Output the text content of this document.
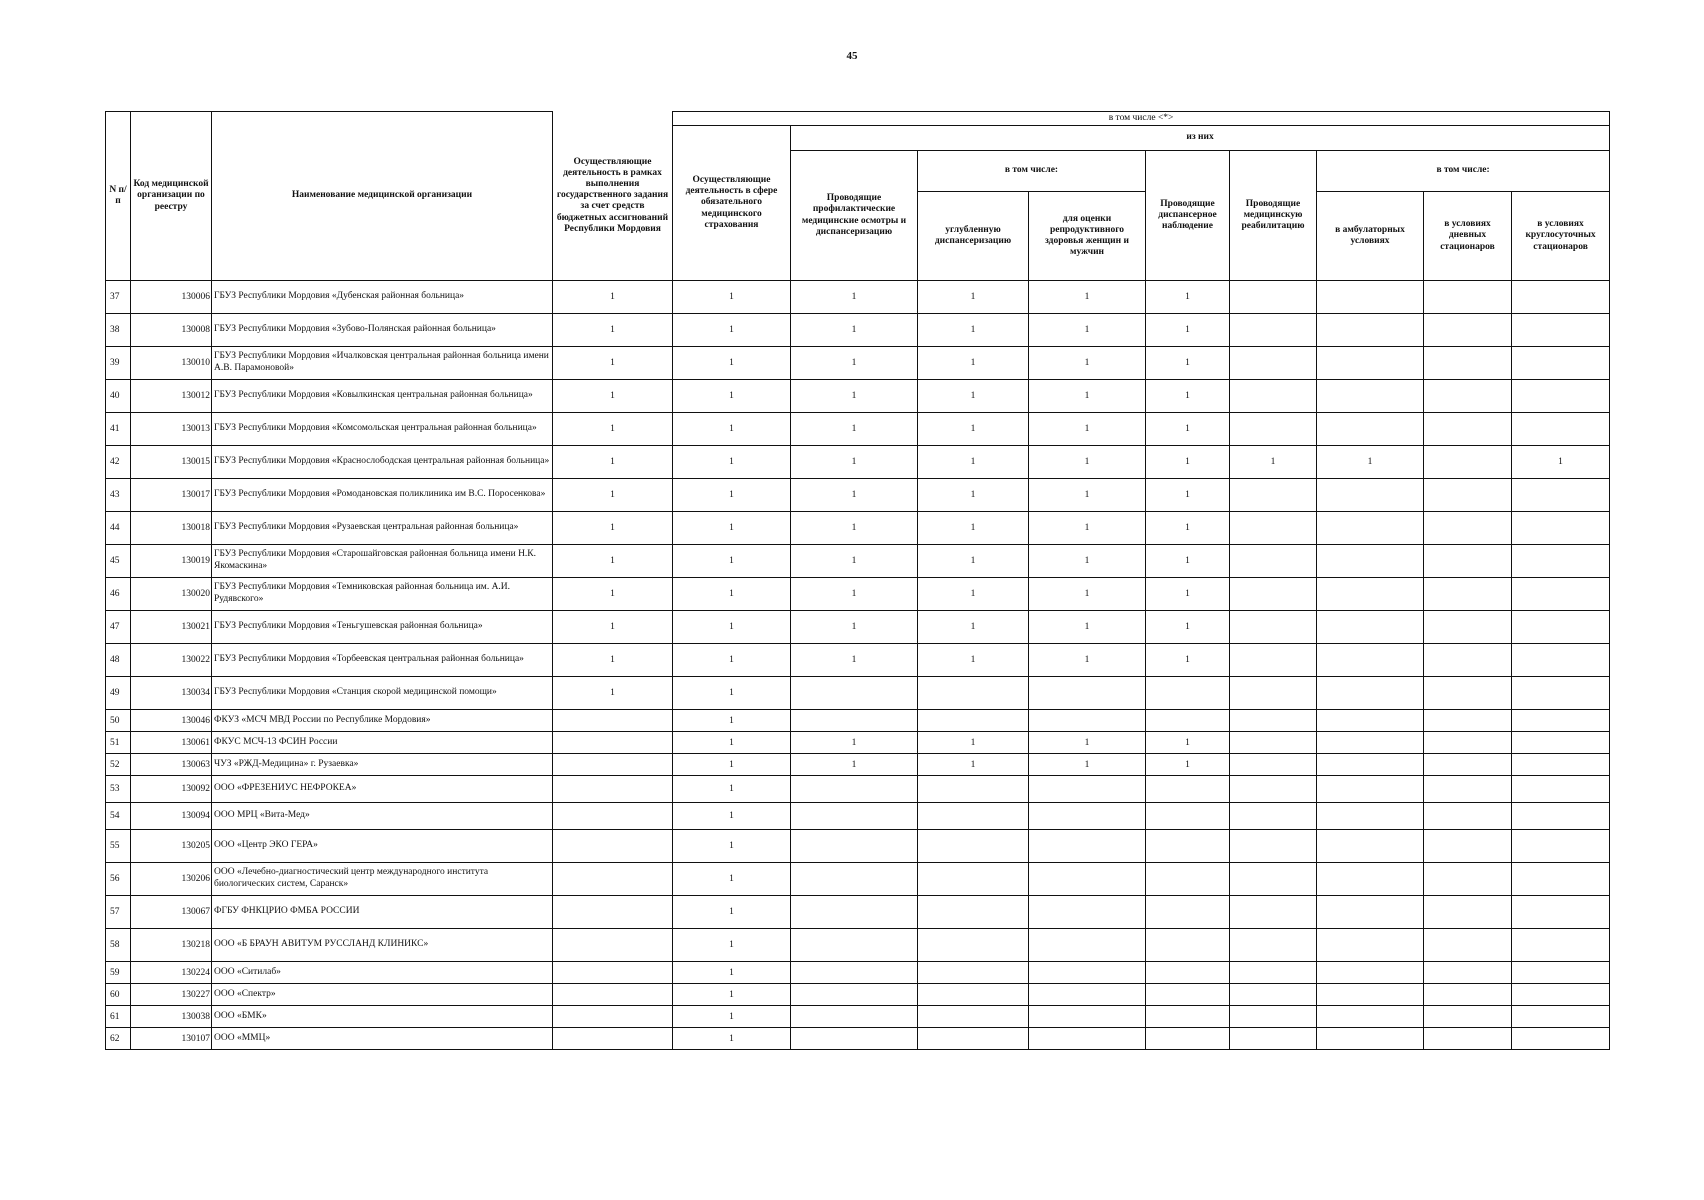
45
N п/п	Код медицинской организации по реестру	Наименование медицинской организации	Осуществляющие деятельность в рамках выполнения государственного задания за счет средств бюджетных ассигнований Республики Мордовия	в том числе <*>								
				Осуществляющие деятельность в сфере обязательного медицинского страхования	из них							
					Проводящие профилактические медицинские осмотры и диспансеризацию	в том числе:		Проводящие диспансерное наблюдение	Проводящие медицинскую реабилитацию	в том числе:		
						углубленную диспансеризацию	для оценки репродуктивного здоровья женщин и мужчин			в амбулаторных условиях	в условиях дневных стационаров	в условиях круглосуточных стационаров
37	130006	ГБУЗ Республики Мордовия «Дубенская районная больница»	1	1	1	1	1	1				
38	130008	ГБУЗ Республики Мордовия «Зубово-Полянская районная больница»	1	1	1	1	1	1				
39	130010	ГБУЗ Республики Мордовия «Ичалковская центральная районная больница имени А.В. Парамоновой»	1	1	1	1	1	1				
40	130012	ГБУЗ Республики Мордовия «Ковылкинская центральная районная больница»	1	1	1	1	1	1				
41	130013	ГБУЗ Республики Мордовия «Комсомольская центральная районная больница»	1	1	1	1	1	1				
42	130015	ГБУЗ Республики Мордовия «Краснослободская центральная районная больница»	1	1	1	1	1	1	1	1		1
43	130017	ГБУЗ Республики Мордовия «Ромодановская поликлиника им В.С. Поросенкова»	1	1	1	1	1	1				
44	130018	ГБУЗ Республики Мордовия «Рузаевская центральная районная больница»	1	1	1	1	1	1				
45	130019	ГБУЗ Республики Мордовия «Старошайговская районная больница имени Н.К. Якомаскина»	1	1	1	1	1	1				
46	130020	ГБУЗ Республики Мордовия «Темниковская районная больница им. А.И. Рудявского»	1	1	1	1	1	1				
47	130021	ГБУЗ Республики Мордовия «Теньгушевская районная больница»	1	1	1	1	1	1				
48	130022	ГБУЗ Республики Мордовия «Торбеевская центральная районная больница»	1	1	1	1	1	1				
49	130034	ГБУЗ Республики Мордовия «Станция скорой медицинской помощи»	1	1								
50	130046	ФКУЗ «МСЧ МВД России по Республике Мордовия»		1								
51	130061	ФКУС МСЧ-13 ФСИН России		1	1	1	1	1				
52	130063	ЧУЗ «РЖД-Медицина» г. Рузаевка»		1	1	1	1	1				
53	130092	ООО «ФРЕЗЕНИУС НЕФРОКЕА»		1								
54	130094	ООО МРЦ «Вита-Мед»		1								
55	130205	ООО «Центр ЭКО ГЕРА»		1								
56	130206	ООО «Лечебно-диагностический центр международного института биологических систем, Саранск»		1								
57	130067	ФГБУ ФНКЦРИО ФМБА РОССИИ		1								
58	130218	ООО «Б БРАУН АВИТУМ РУССЛАНД КЛИНИКС»		1								
59	130224	ООО «Ситилаб»		1								
60	130227	ООО «Спектр»		1								
61	130038	ООО «БМК»		1								
62	130107	ООО «ММЦ»		1								
